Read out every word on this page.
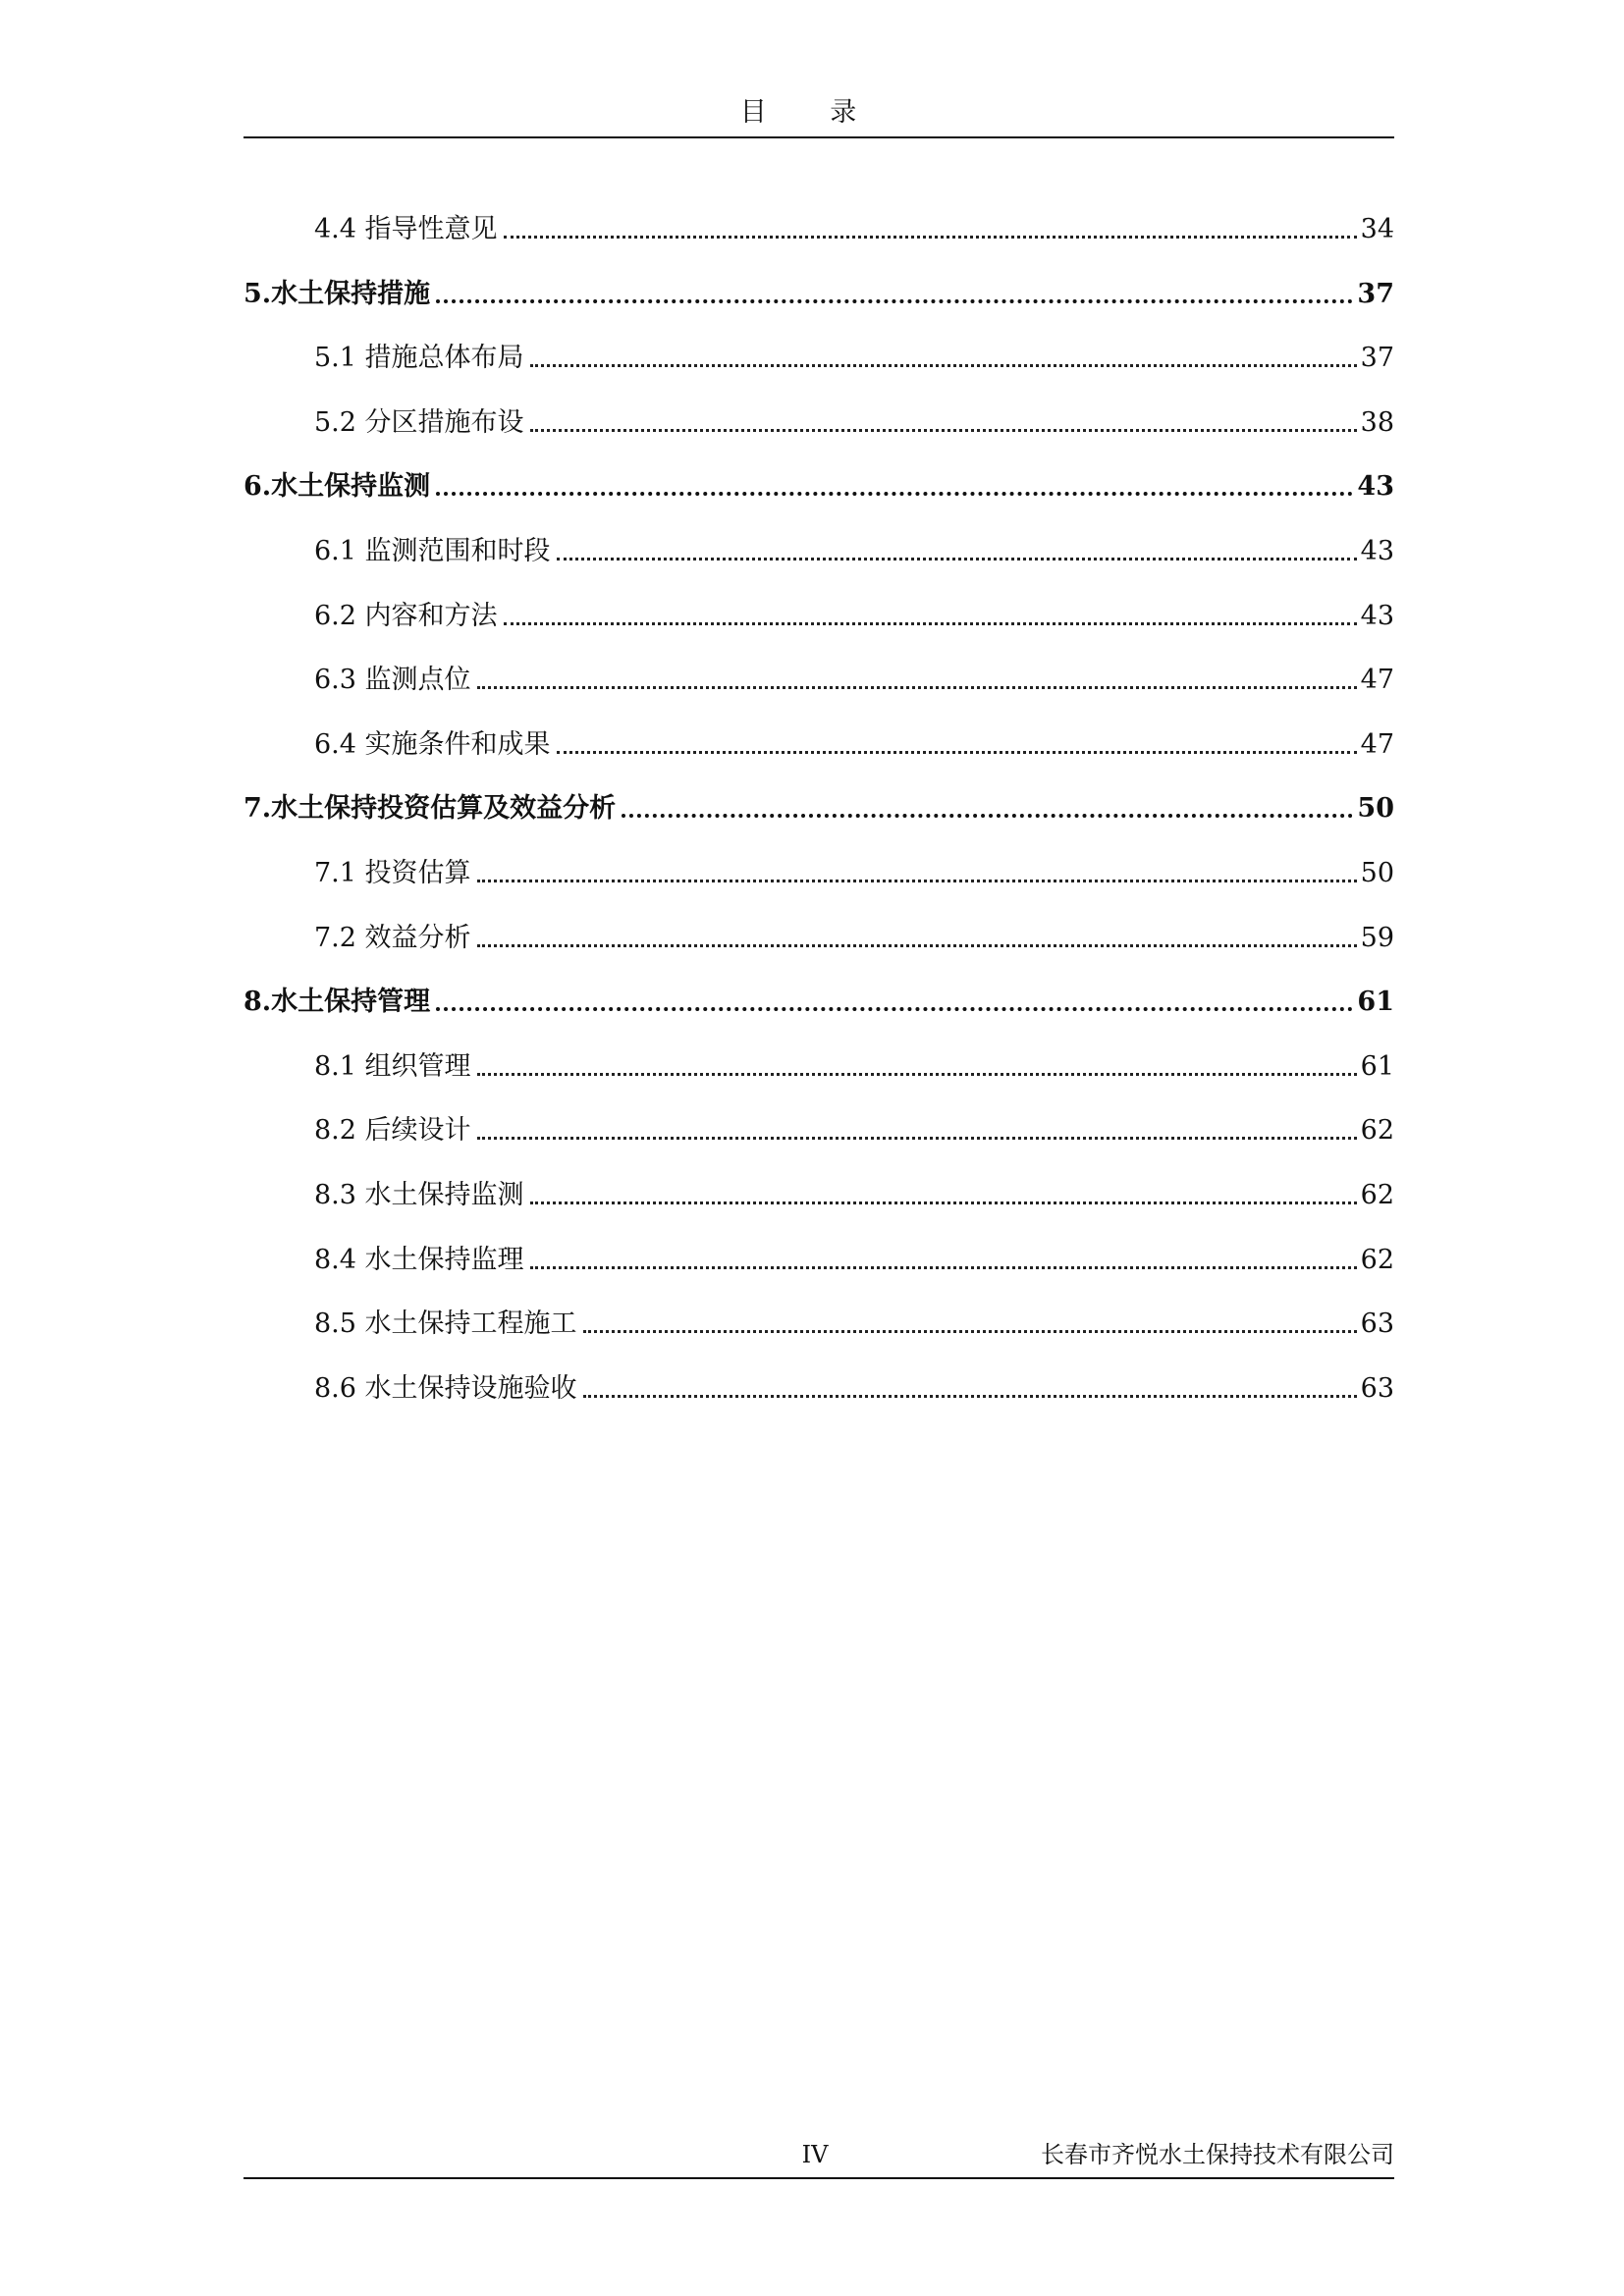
目 录
4.4 指导性意见	34
5.水土保持措施	37
5.1 措施总体布局	37
5.2 分区措施布设	38
6.水土保持监测	43
6.1 监测范围和时段	43
6.2 内容和方法	43
6.3 监测点位	47
6.4 实施条件和成果	47
7.水土保持投资估算及效益分析	50
7.1 投资估算	50
7.2 效益分析	59
8.水土保持管理	61
8.1 组织管理	61
8.2 后续设计	62
8.3 水土保持监测	62
8.4 水土保持监理	62
8.5 水土保持工程施工	63
8.6 水土保持设施验收	63
IV	长春市齐悦水土保持技术有限公司
